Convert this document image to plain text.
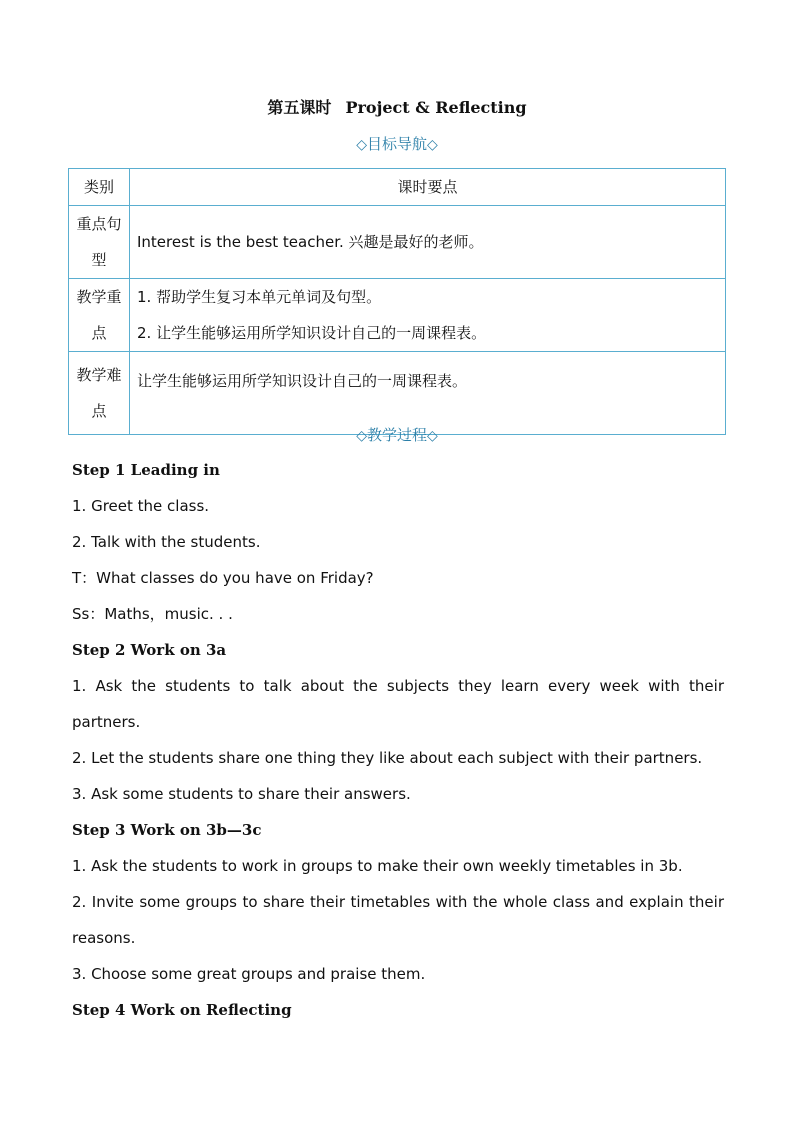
第五课时 Project & Reflecting
◇目标导航◇
类别	课时要点
重点句型	Interest is the best teacher. 兴趣是最好的老师。

教学重点	1. 帮助学生复习本单元单词及句型。
2. 让学生能够运用所学知识设计自己的一周课程表。

教学难点	让学生能够运用所学知识设计自己的一周课程表。
◇教学过程◇

Step 1 Leading in

1. Greet the class.

2. Talk with the students.

T：What classes do you have on Friday?

Ss：Maths，music. . .

Step 2 Work on 3a

1. Ask the students to talk about the subjects they learn every week with their

partners.

2. Let the students share one thing they like about each subject with their partners.

3. Ask some students to share their answers.

Step 3 Work on 3b—3c

1. Ask the students to work in groups to make their own weekly timetables in 3b.

2. Invite some groups to share their timetables with the whole class and explain their

reasons.

3. Choose some great groups and praise them.

Step 4 Work on Reflecting
